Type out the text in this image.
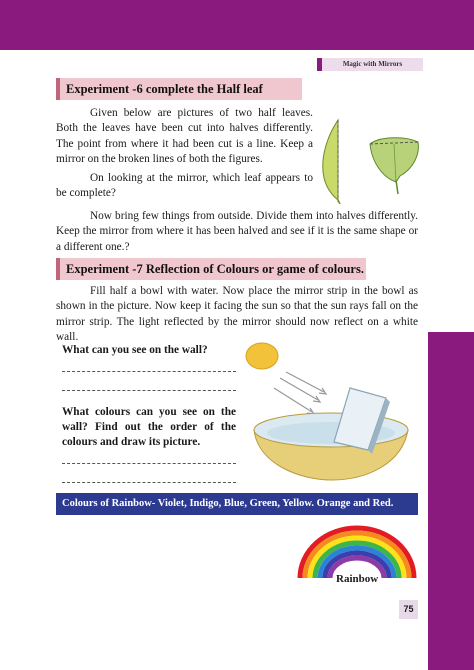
Magic with Mirrors
Experiment -6 complete the Half leaf

Given below are pictures of two half leaves. Both the leaves have been cut into halves differently. The point from where it had been cut is a line. Keep a mirror on the broken lines of both the figures.

On looking at the mirror, which leaf appears to be complete?

Now bring few things from outside. Divide them into halves differently. Keep the mirror from where it has been halved and see if it is the same shape or a different one.?

Experiment -7 Reflection of Colours or game of colours.

Fill half a bowl with water. Now place the mirror strip in the bowl as shown in the picture. Now keep it facing the sun so that the sun rays fall on the mirror strip. The light reflected by the mirror should now reflect on a white wall.

What can you see on the wall?
What colours can you see on the wall? Find out the order of the colours and draw its picture.
Colours of Rainbow- Violet, Indigo, Blue, Green, Yellow. Orange and Red.
Rainbow
75
